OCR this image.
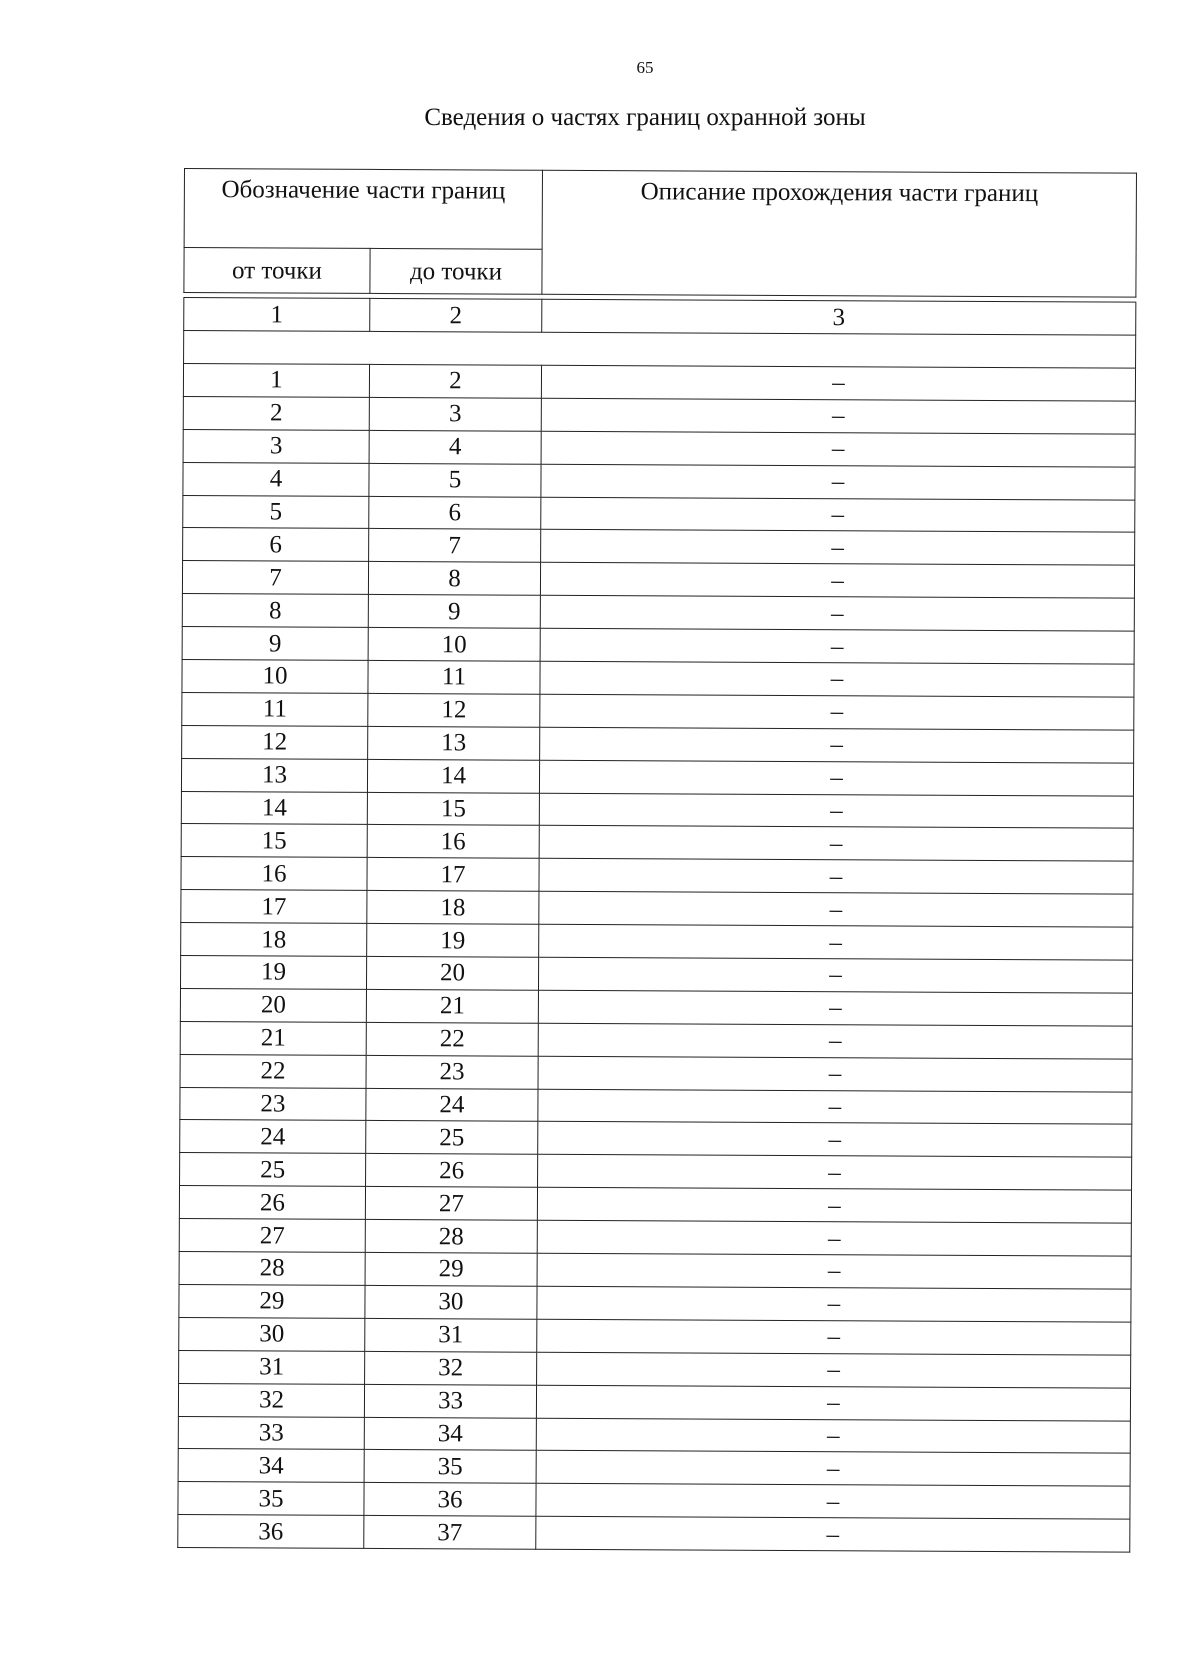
65
Сведения о частях границ охранной зоны
Обозначение части границ		Описание прохождения части границ
от точки	до точки	

1	2	3

1	2	–
2	3	–
3	4	–
4	5	–
5	6	–
6	7	–
7	8	–
8	9	–
9	10	–
10	11	–
11	12	–
12	13	–
13	14	–
14	15	–
15	16	–
16	17	–
17	18	–
18	19	–
19	20	–
20	21	–
21	22	–
22	23	–
23	24	–
24	25	–
25	26	–
26	27	–
27	28	–
28	29	–
29	30	–
30	31	–
31	32	–
32	33	–
33	34	–
34	35	–
35	36	–
36	37	–
